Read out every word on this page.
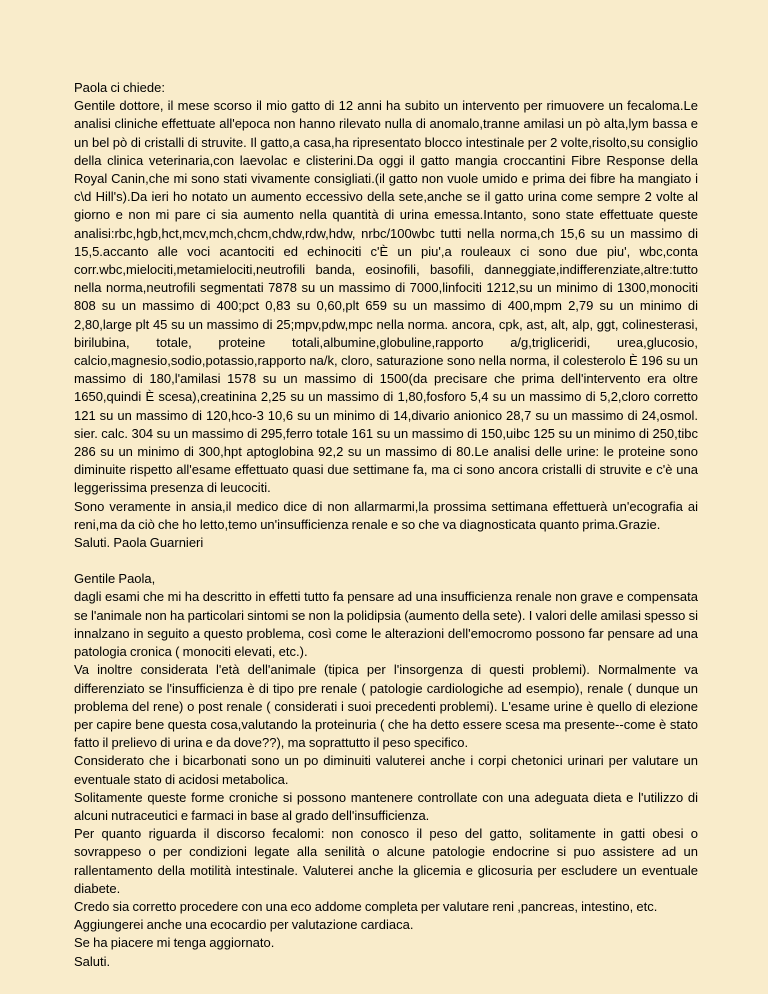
Paola ci chiede:

Gentile dottore, il mese scorso il mio gatto di 12 anni ha subito un intervento per rimuovere un fecaloma.Le analisi cliniche effettuate all'epoca non hanno rilevato nulla di anomalo,tranne amilasi un pò alta,lym bassa e un bel pò di cristalli di struvite. Il gatto,a casa,ha ripresentato blocco intestinale per 2 volte,risolto,su consiglio della clinica veterinaria,con laevolac e clisterini.Da oggi il gatto mangia croccantini Fibre Response della Royal Canin,che mi sono stati vivamente consigliati.(il gatto non vuole umido e prima dei fibre ha mangiato i c\d Hill's).Da ieri ho notato un aumento eccessivo della sete,anche se il gatto urina come sempre 2 volte al giorno e non mi pare ci sia aumento nella quantità di urina emessa.Intanto, sono state effettuate queste analisi:rbc,hgb,hct,mcv,mch,chcm,chdw,rdw,hdw, nrbc/100wbc tutti nella norma,ch 15,6 su un massimo di 15,5.accanto alle voci acantociti ed echinociti c'È un piu',a rouleaux ci sono due piu', wbc,conta corr.wbc,mielociti,metamielociti,neutrofili banda, eosinofili, basofili, danneggiate,indifferenziate,altre:tutto nella norma,neutrofili segmentati 7878 su un massimo di 7000,linfociti 1212,su un minimo di 1300,monociti 808 su un massimo di 400;pct 0,83 su 0,60,plt 659 su un massimo di 400,mpm 2,79 su un minimo di 2,80,large plt 45 su un massimo di 25;mpv,pdw,mpc nella norma. ancora, cpk, ast, alt, alp, ggt, colinesterasi, birilubina, totale, proteine totali,albumine,globuline,rapporto a/g,trigliceridi, urea,glucosio, calcio,magnesio,sodio,potassio,rapporto na/k, cloro, saturazione sono nella norma, il colesterolo È 196 su un massimo di 180,l'amilasi 1578 su un massimo di 1500(da precisare che prima dell'intervento era oltre 1650,quindi È scesa),creatinina 2,25 su un massimo di 1,80,fosforo 5,4 su un massimo di 5,2,cloro corretto 121 su un massimo di 120,hco-3 10,6 su un minimo di 14,divario anionico 28,7 su un massimo di 24,osmol. sier. calc. 304 su un massimo di 295,ferro totale 161 su un massimo di 150,uibc 125 su un minimo di 250,tibc 286 su un minimo di 300,hpt aptoglobina 92,2 su un massimo di 80.Le analisi delle urine: le proteine sono diminuite rispetto all'esame effettuato quasi due settimane fa, ma ci sono ancora cristalli di struvite e c'è una leggerissima presenza di leucociti.

Sono veramente in ansia,il medico dice di non allarmarmi,la prossima settimana effettuerà un'ecografia ai reni,ma da ciò che ho letto,temo un'insufficienza renale e so che va diagnosticata quanto prima.Grazie.

Saluti. Paola Guarnieri

Gentile Paola,

dagli esami che mi ha descritto in effetti tutto fa pensare ad una insufficienza renale non grave e compensata se l'animale non ha particolari sintomi se non la polidipsia (aumento della sete). I valori delle amilasi spesso si innalzano in seguito a questo problema, così come le alterazioni dell'emocromo possono far pensare ad una patologia cronica ( monociti elevati, etc.).

Va inoltre considerata l'età dell'animale (tipica per l'insorgenza di questi problemi). Normalmente va differenziato se l'insufficienza è di tipo pre renale ( patologie cardiologiche ad esempio), renale ( dunque un problema del rene) o post renale ( considerati i suoi precedenti problemi). L'esame urine è quello di elezione per capire bene questa cosa,valutando la proteinuria ( che ha detto essere scesa ma presente--come è stato fatto il prelievo di urina e da dove??), ma soprattutto il peso specifico.

Considerato che i bicarbonati sono un po diminuiti valuterei anche i corpi chetonici urinari per valutare un eventuale stato di acidosi metabolica.

Solitamente queste forme croniche si possono mantenere controllate con una adeguata dieta e l'utilizzo di alcuni nutraceutici e farmaci in base al grado dell'insufficienza.

Per quanto riguarda il discorso fecalomi: non conosco il peso del gatto, solitamente in gatti obesi o sovrappeso o per condizioni legate alla senilità o alcune patologie endocrine si puo assistere ad un rallentamento della motilità intestinale. Valuterei anche la glicemia e glicosuria per escludere un eventuale diabete.

Credo sia corretto procedere con una eco addome completa per valutare reni ,pancreas, intestino, etc.

Aggiungerei anche una ecocardio per valutazione cardiaca.

Se ha piacere mi tenga aggiornato.

Saluti.
